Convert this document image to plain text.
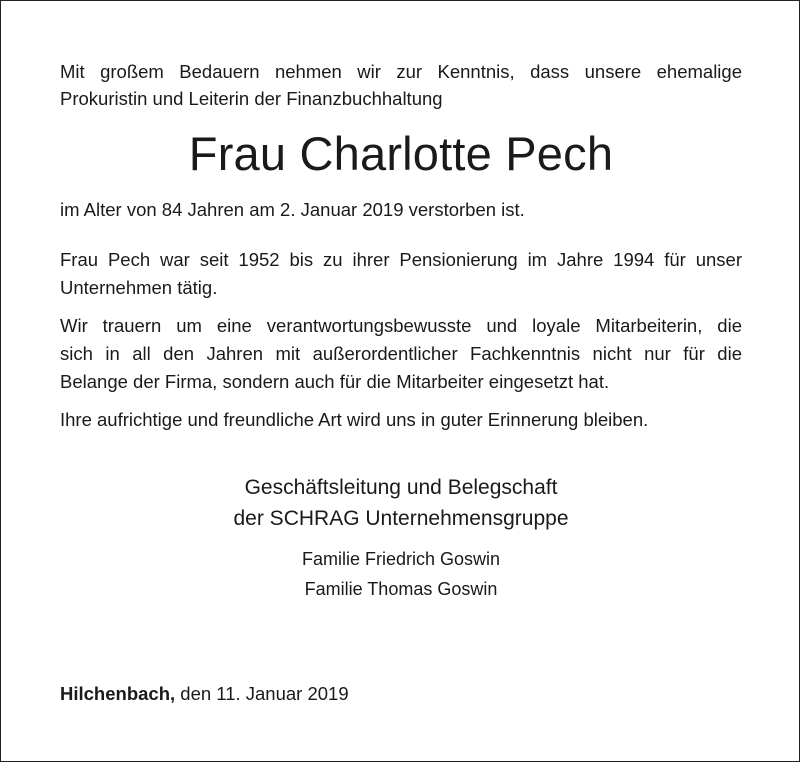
Mit großem Bedauern nehmen wir zur Kenntnis, dass unsere ehemalige
Prokuristin und Leiterin der Finanzbuchhaltung

Frau Charlotte Pech

im Alter von 84 Jahren am 2. Januar 2019 verstorben ist.

Frau Pech war seit 1952 bis zu ihrer Pensionierung im Jahre 1994 für unser
Unternehmen tätig.

Wir trauern um eine verantwortungsbewusste und loyale Mitarbeiterin, die
sich in all den Jahren mit außerordentlicher Fachkenntnis nicht nur für die
Belange der Firma, sondern auch für die Mitarbeiter eingesetzt hat.

Ihre aufrichtige und freundliche Art wird uns in guter Erinnerung bleiben.

Geschäftsleitung und Belegschaft
der SCHRAG Unternehmensgruppe
Familie Friedrich Goswin
Familie Thomas Goswin
Hilchenbach, den 11. Januar 2019
